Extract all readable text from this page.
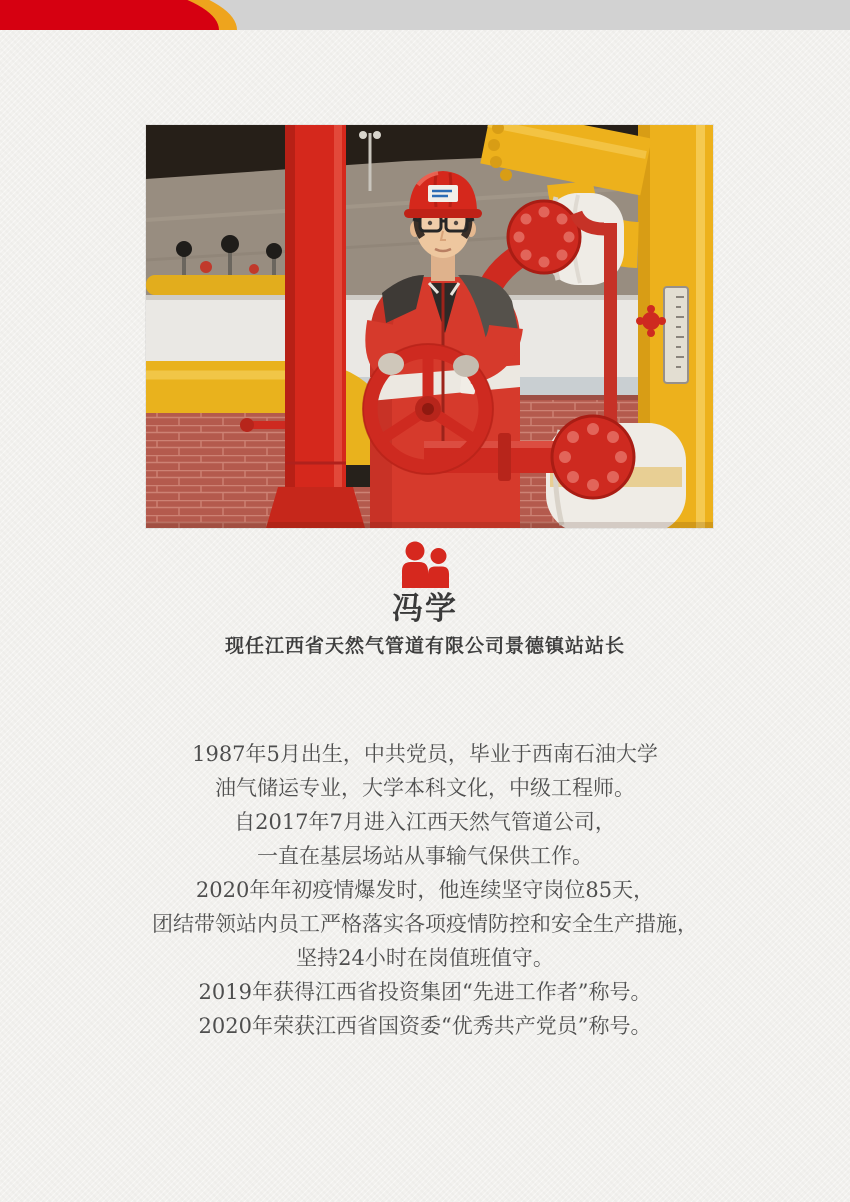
冯学
现任江西省天然气管道有限公司景德镇站站长
1987年5月出生，中共党员，毕业于西南石油大学
油气储运专业，大学本科文化，中级工程师。
自2017年7月进入江西天然气管道公司，
一直在基层场站从事输气保供工作。
2020年年初疫情爆发时，他连续坚守岗位85天，
团结带领站内员工严格落实各项疫情防控和安全生产措施，
坚持24小时在岗值班值守。
2019年获得江西省投资集团“先进工作者”称号。
2020年荣获江西省国资委“优秀共产党员”称号。
